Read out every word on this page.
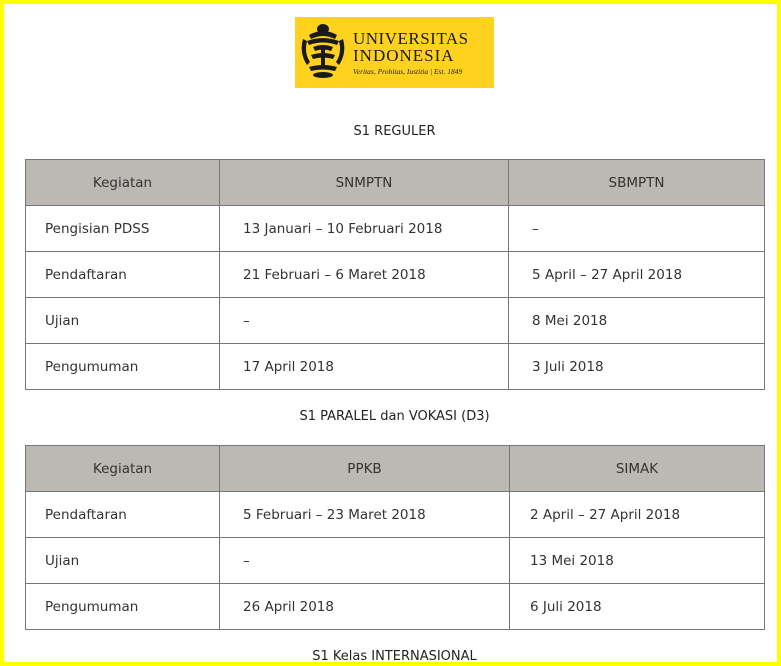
UNIVERSITAS
INDONESIA
Veritas, Probitas, Iustitia | Est. 1849
S1 REGULER
Kegiatan	SNMPTN	SBMPTN
Pengisian PDSS	13 Januari – 10 Februari 2018	–
Pendaftaran	21 Februari – 6 Maret 2018	5 April – 27 April 2018
Ujian	–	8 Mei 2018
Pengumuman	17 April 2018	3 Juli 2018
S1 PARALEL dan VOKASI (D3)
Kegiatan	PPKB	SIMAK
Pendaftaran	5 Februari – 23 Maret 2018	2 April – 27 April 2018
Ujian	–	13 Mei 2018
Pengumuman	26 April 2018	6 Juli 2018
S1 Kelas INTERNASIONAL
